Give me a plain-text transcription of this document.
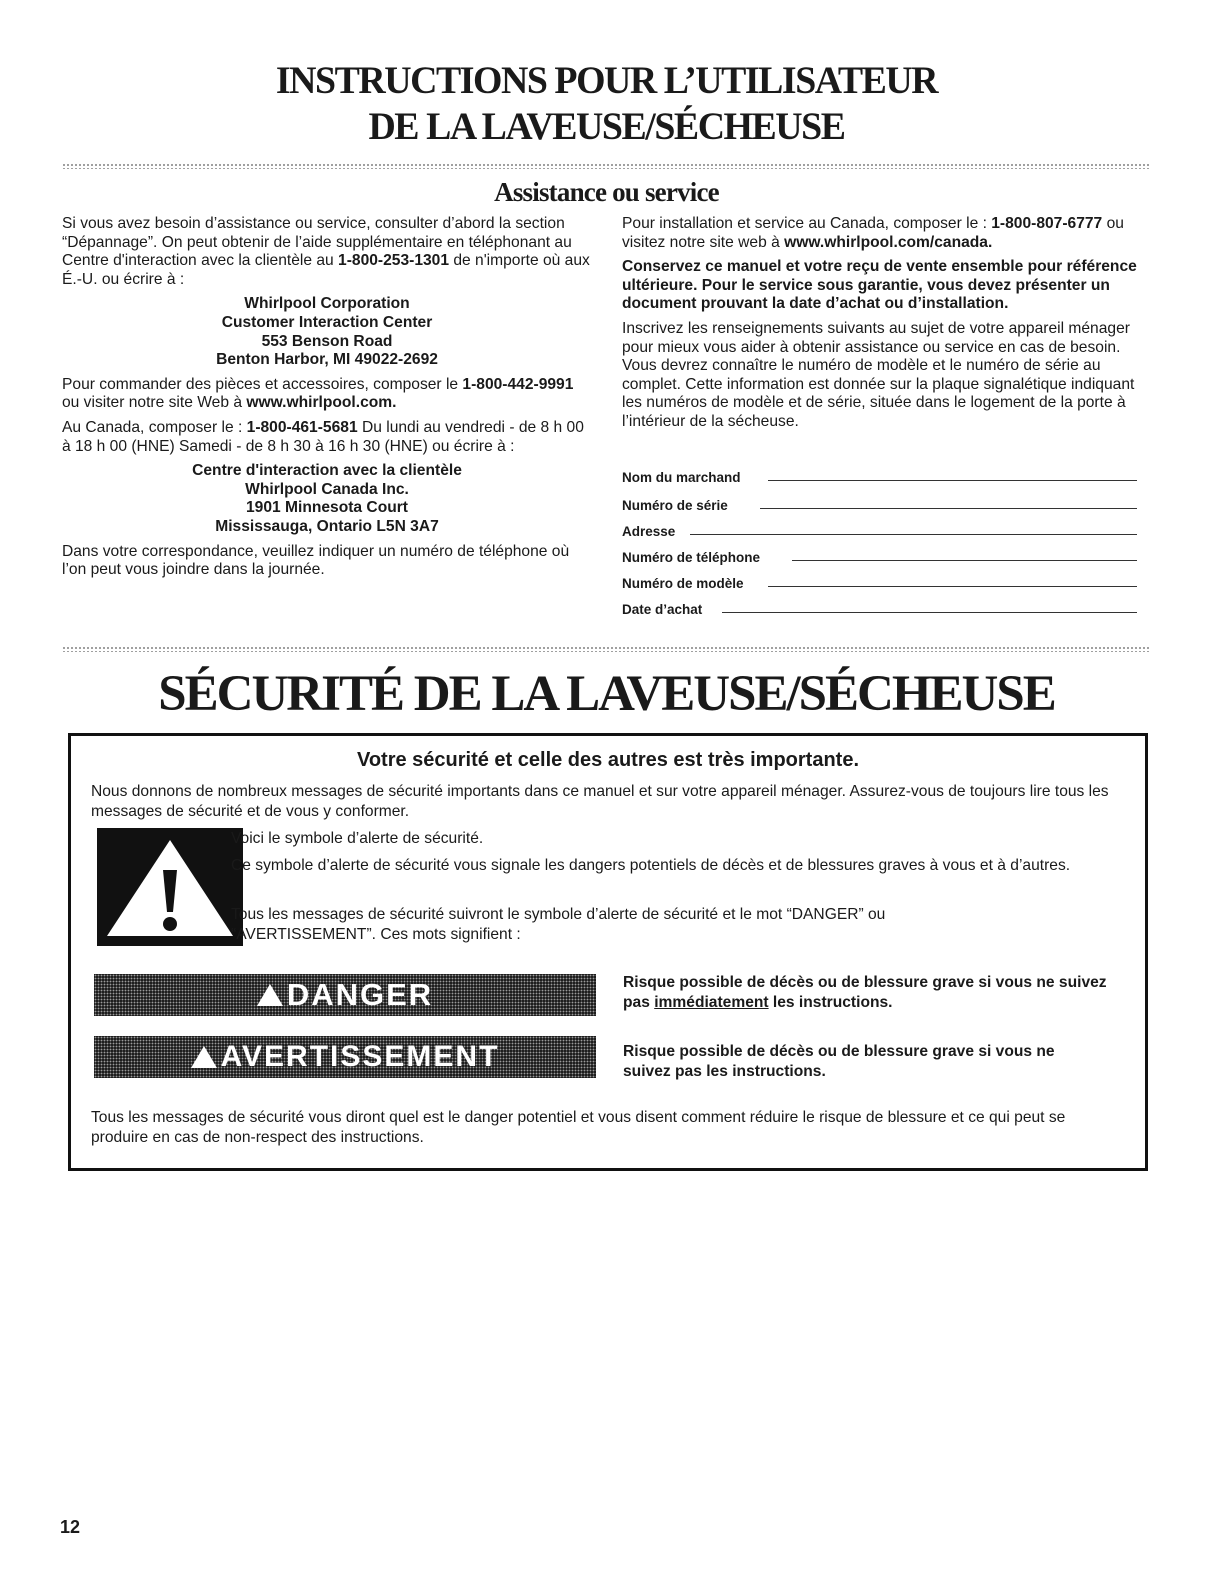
INSTRUCTIONS POUR L’UTILISATEUR
DE LA LAVEUSE/SÉCHEUSE
Assistance ou service

Si vous avez besoin d’assistance ou service, consulter d’abord la section “Dépannage”. On peut obtenir de l’aide supplémentaire en téléphonant au Centre d'interaction avec la clientèle au 1-800-253-1301 de n'importe où aux É.-U. ou écrire à :

Whirlpool Corporation
Customer Interaction Center
553 Benson Road
Benton Harbor, MI 49022-2692

Pour commander des pièces et accessoires, composer le 1-800-442-9991 ou visiter notre site Web à www.whirlpool.com.

Au Canada, composer le : 1-800-461-5681 Du lundi au vendredi - de 8 h 00 à 18 h 00 (HNE) Samedi - de 8 h 30 à 16 h 30 (HNE) ou écrire à :

Centre d'interaction avec la clientèle
Whirlpool Canada Inc.
1901 Minnesota Court
Mississauga, Ontario L5N 3A7

Dans votre correspondance, veuillez indiquer un numéro de téléphone où l’on peut vous joindre dans la journée.

Pour installation et service au Canada, composer le : 1-800-807-6777 ou visitez notre site web à www.whirlpool.com/canada.

Conservez ce manuel et votre reçu de vente ensemble pour référence ultérieure. Pour le service sous garantie, vous devez présenter un document prouvant la date d’achat ou d’installation.

Inscrivez les renseignements suivants au sujet de votre appareil ménager pour mieux vous aider à obtenir assistance ou service en cas de besoin. Vous devrez connaître le numéro de modèle et le numéro de série au complet. Cette information est donnée sur la plaque signalétique indiquant les numéros de modèle et de série, située dans le logement de la porte à l’intérieur de la sécheuse.

Nom du marchand
Numéro de série
Adresse
Numéro de téléphone
Numéro de modèle
Date d’achat
SÉCURITÉ DE LA LAVEUSE/SÉCHEUSE
Votre sécurité et celle des autres est très importante.
Nous donnons de nombreux messages de sécurité importants dans ce manuel et sur votre appareil ménager. Assurez-vous de toujours lire tous les messages de sécurité et de vous y conformer.
Voici le symbole d’alerte de sécurité.
Ce symbole d’alerte de sécurité vous signale les dangers potentiels de décès et de blessures graves à vous et à d’autres.
Tous les messages de sécurité suivront le symbole d’alerte de sécurité et le mot “DANGER” ou “AVERTISSEMENT”. Ces mots signifient :
DANGER	Risque possible de décès ou de blessure grave si vous ne suivez pas immédiatement les instructions.
AVERTISSEMENT	Risque possible de décès ou de blessure grave si vous ne suivez pas les instructions.
Tous les messages de sécurité vous diront quel est le danger potentiel et vous disent comment réduire le risque de blessure et ce qui peut se produire en cas de non-respect des instructions.
12
